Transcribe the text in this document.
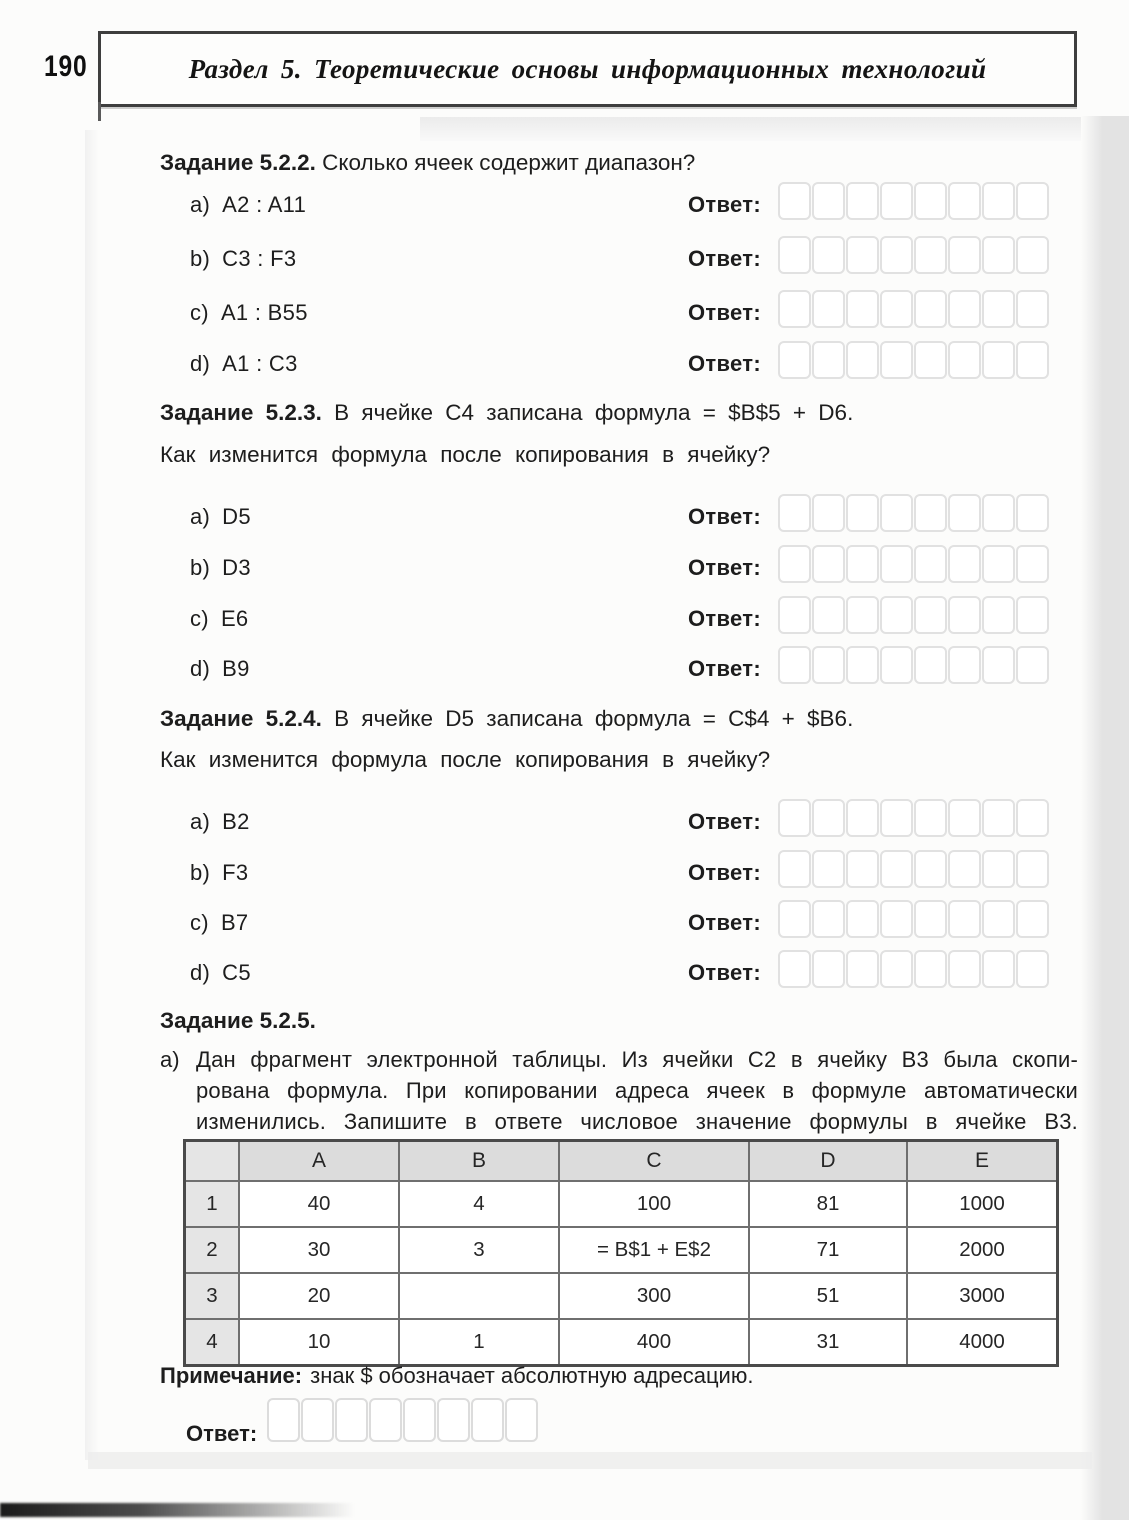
190	Раздел 5. Теоретические основы информационных технологий
Задание 5.2.2. Сколько ячеек содержит диапазон?
a) A2 : A11	Ответ:
b) C3 : F3	Ответ:
c) A1 : B55	Ответ:
d) A1 : C3	Ответ:
Задание 5.2.3. В ячейке C4 записана формула = $B$5 + D6.
Как изменится формула после копирования в ячейку?
a) D5	Ответ:
b) D3	Ответ:
c) E6	Ответ:
d) B9	Ответ:
Задание 5.2.4. В ячейке D5 записана формула = C$4 + $B6.
Как изменится формула после копирования в ячейку?
a) B2	Ответ:
b) F3	Ответ:
c) B7	Ответ:
d) C5	Ответ:
Задание 5.2.5.
a) Дан фрагмент электронной таблицы. Из ячейки C2 в ячейку B3 была скопи-
рована формула. При копировании адреса ячеек в формуле автоматически
изменились. Запишите в ответе числовое значение формулы в ячейке B3.
	A	B	C	D	E
1	40	4	100	81	1000
2	30	3	= B$1 + E$2	71	2000
3	20		300	51	3000
4	10	1	400	31	4000
Примечание: знак $ обозначает абсолютную адресацию.
Ответ:
